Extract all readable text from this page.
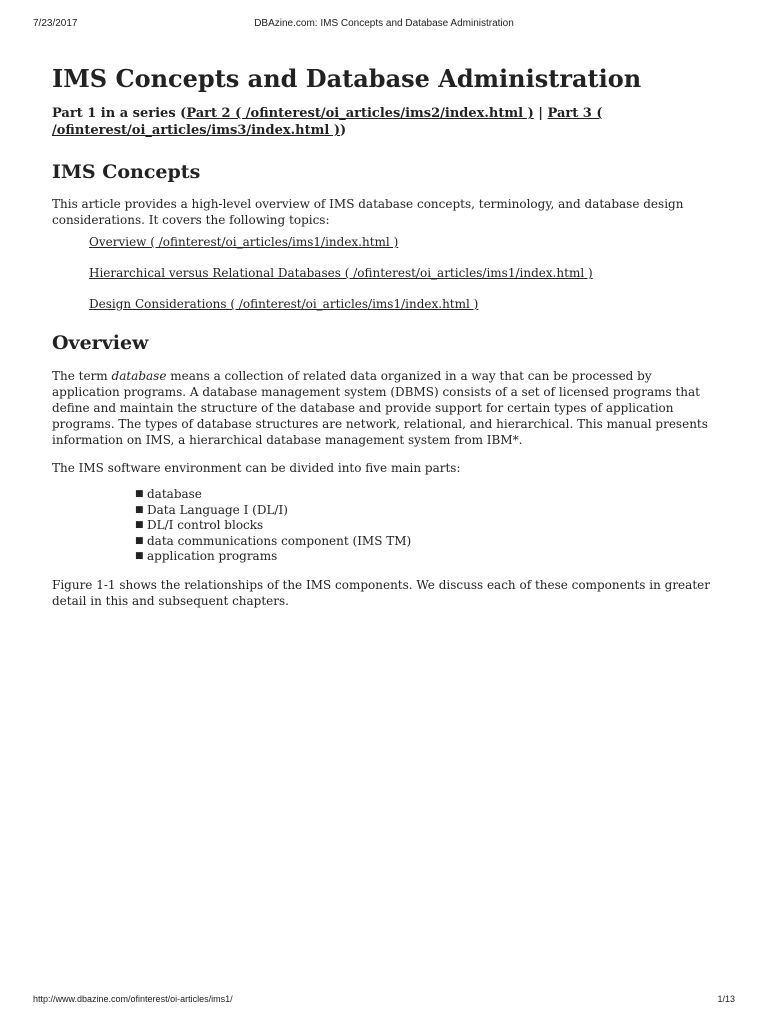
7/23/2017	DBAzine.com: IMS Concepts and Database Administration
IMS Concepts and Database Administration
Part 1 in a series (Part 2 ( /ofinterest/oi_articles/ims2/index.html ) | Part 3 ( /ofinterest/oi_articles/ims3/index.html ))
IMS Concepts

This article provides a high-level overview of IMS database concepts, terminology, and database design considerations. It covers the following topics:

Overview ( /ofinterest/oi_articles/ims1/index.html )
Hierarchical versus Relational Databases ( /ofinterest/oi_articles/ims1/index.html )
Design Considerations ( /ofinterest/oi_articles/ims1/index.html )
Overview

The term database means a collection of related data organized in a way that can be processed by application programs. A database management system (DBMS) consists of a set of licensed programs that define and maintain the structure of the database and provide support for certain types of application programs. The types of database structures are network, relational, and hierarchical. This manual presents information on IMS, a hierarchical database management system from IBM*.

The IMS software environment can be divided into five main parts:

■ database
■ Data Language I (DL/I)
■ DL/I control blocks
■ data communications component (IMS TM)
■ application programs

Figure 1-1 shows the relationships of the IMS components. We discuss each of these components in greater detail in this and subsequent chapters.

http://www.dbazine.com/ofinterest/oi-articles/ims1/	1/13
